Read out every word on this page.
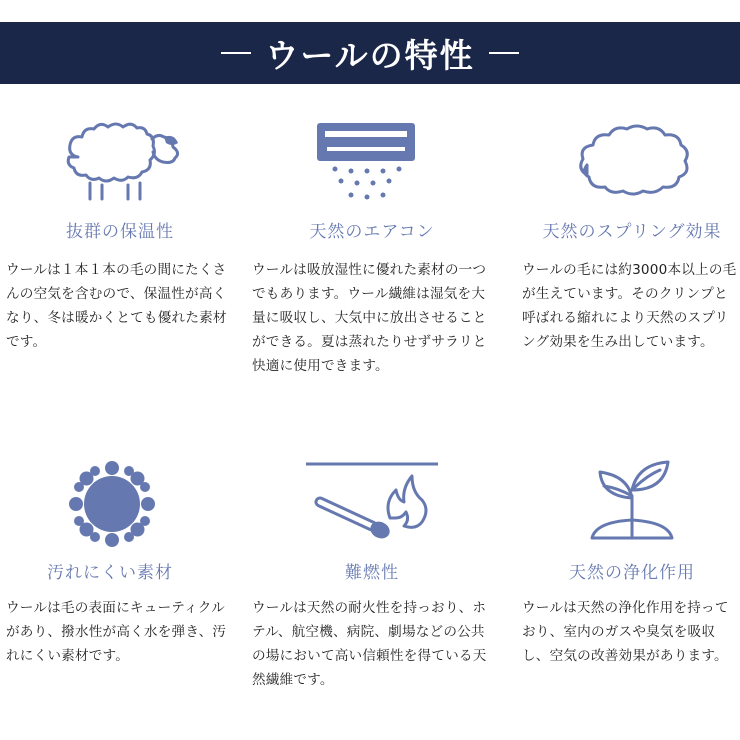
ウールの特性
抜群の保温性
ウールは１本１本の毛の間にたくさんの空気を含むので、保温性が高くなり、冬は暖かくとても優れた素材です。
天然のエアコン
ウールは吸放湿性に優れた素材の一つでもあります。ウール繊維は湿気を大量に吸収し、大気中に放出させることができる。夏は蒸れたりせずサラリと快適に使用できます。
天然のスプリング効果
ウールの毛には約3000本以上の毛が生えています。そのクリンプと呼ばれる縮れにより天然のスプリング効果を生み出しています。
汚れにくい素材
ウールは毛の表面にキューティクルがあり、撥水性が高く水を弾き、汚れにくい素材です。
難燃性
ウールは天然の耐火性を持っおり、ホテル、航空機、病院、劇場などの公共の場において高い信頼性を得ている天然繊維です。
天然の浄化作用
ウールは天然の浄化作用を持っており、室内のガスや臭気を吸収し、空気の改善効果があります。
